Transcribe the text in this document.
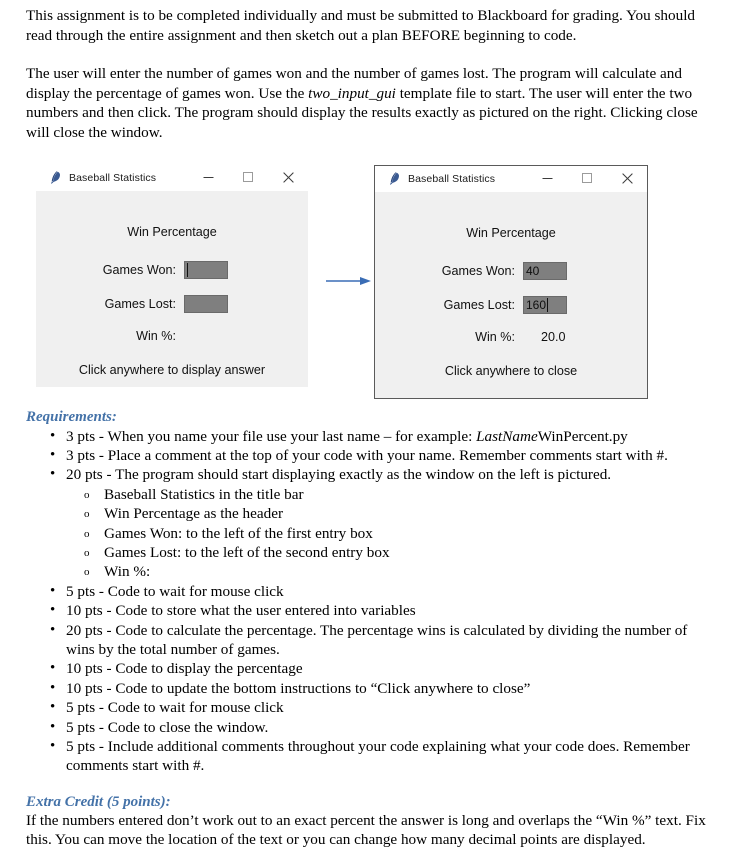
This assignment is to be completed individually and must be submitted to Blackboard for grading. You should read through the entire assignment and then sketch out a plan BEFORE beginning to code.

The user will enter the number of games won and the number of games lost. The program will calculate and display the percentage of games won. Use the two_input_gui template file to start. The user will enter the two numbers and then click. The program should display the results exactly as pictured on the right. Clicking close will close the window.

Baseball Statistics
Win Percentage
Games Won:
Games Lost:
Win %:
Click anywhere to display answer
Baseball Statistics
Win Percentage
Games Won: 40
Games Lost: 160
Win %: 20.0
Click anywhere to close
Requirements:
• 3 pts - When you name your file use your last name – for example: LastNameWinPercent.py
• 3 pts - Place a comment at the top of your code with your name. Remember comments start with #.
• 20 pts - The program should start displaying exactly as the window on the left is pictured.
o Baseball Statistics in the title bar
o Win Percentage as the header
o Games Won: to the left of the first entry box
o Games Lost: to the left of the second entry box
o Win %:
• 5 pts - Code to wait for mouse click
• 10 pts - Code to store what the user entered into variables
• 20 pts - Code to calculate the percentage. The percentage wins is calculated by dividing the number of wins by the total number of games.
• 10 pts - Code to display the percentage
• 10 pts - Code to update the bottom instructions to “Click anywhere to close”
• 5 pts - Code to wait for mouse click
• 5 pts - Code to close the window.
• 5 pts - Include additional comments throughout your code explaining what your code does. Remember comments start with #.
Extra Credit (5 points):
If the numbers entered don’t work out to an exact percent the answer is long and overlaps the “Win %” text. Fix this. You can move the location of the text or you can change how many decimal points are displayed.
